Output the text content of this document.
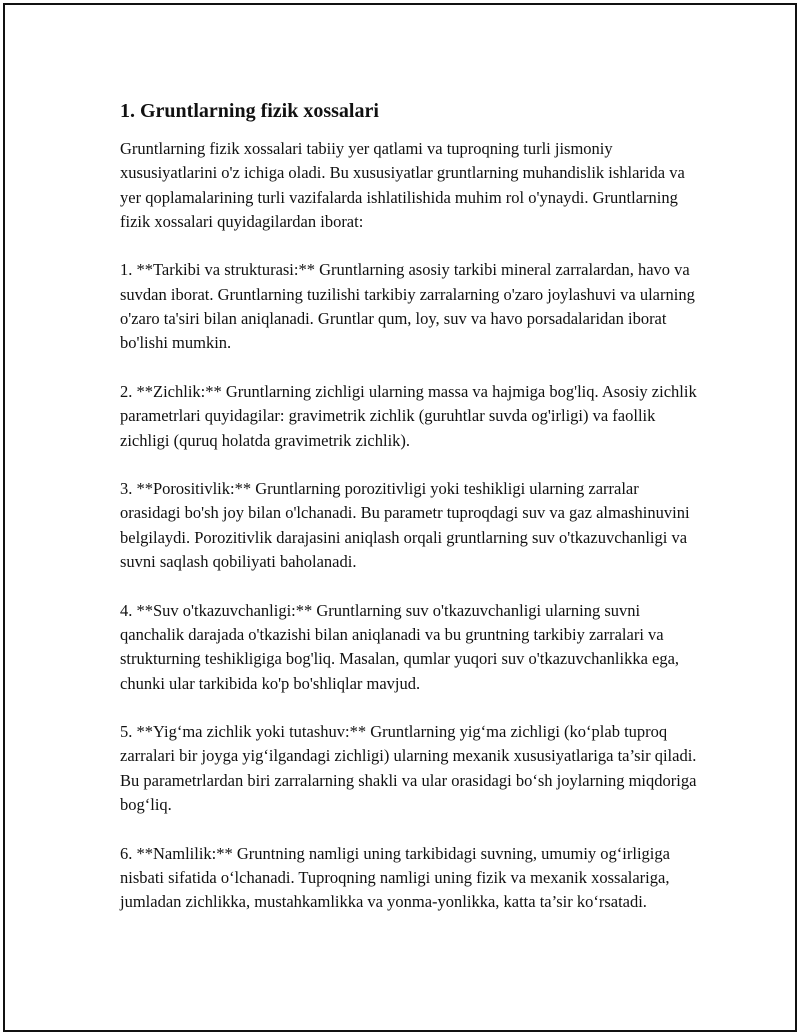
1. Gruntlarning fizik xossalari

Gruntlarning fizik xossalari tabiiy yer qatlami va tuproqning turli jismoniy xususiyatlarini o'z ichiga oladi. Bu xususiyatlar gruntlarning muhandislik ishlarida va yer qoplamalarining turli vazifalarda ishlatilishida muhim rol o'ynaydi. Gruntlarning fizik xossalari quyidagilardan iborat:

1. **Tarkibi va strukturasi:** Gruntlarning asosiy tarkibi mineral zarralardan, havo va suvdan iborat. Gruntlarning tuzilishi tarkibiy zarralarning o'zaro joylashuvi va ularning o'zaro ta'siri bilan aniqlanadi. Gruntlar qum, loy, suv va havo porsadalaridan iborat bo'lishi mumkin.

2. **Zichlik:** Gruntlarning zichligi ularning massa va hajmiga bog'liq. Asosiy zichlik parametrlari quyidagilar: gravimetrik zichlik (guruhtlar suvda og'irligi) va faollik zichligi (quruq holatda gravimetrik zichlik).

3. **Porositivlik:** Gruntlarning porozitivligi yoki teshikligi ularning zarralar orasidagi bo'sh joy bilan o'lchanadi. Bu parametr tuproqdagi suv va gaz almashinuvini belgilaydi. Porozitivlik darajasini aniqlash orqali gruntlarning suv o'tkazuvchanligi va suvni saqlash qobiliyati baholanadi.

4. **Suv o'tkazuvchanligi:** Gruntlarning suv o'tkazuvchanligi ularning suvni qanchalik darajada o'tkazishi bilan aniqlanadi va bu gruntning tarkibiy zarralari va strukturning teshikligiga bog'liq. Masalan, qumlar yuqori suv o'tkazuvchanlikka ega, chunki ular tarkibida ko'p bo'shliqlar mavjud.

5. **Yig‘ma zichlik yoki tutashuv:** Gruntlarning yig‘ma zichligi (ko‘plab tuproq zarralari bir joyga yig‘ilgandagi zichligi) ularning mexanik xususiyatlariga ta’sir qiladi. Bu parametrlardan biri zarralarning shakli va ular orasidagi bo‘sh joylarning miqdoriga bog‘liq.

6. **Namlilik:** Gruntning namligi uning tarkibidagi suvning, umumiy og‘irligiga nisbati sifatida o‘lchanadi. Tuproqning namligi uning fizik va mexanik xossalariga, jumladan zichlikka, mustahkamlikka va yonma-yonlikka, katta ta’sir ko‘rsatadi.
